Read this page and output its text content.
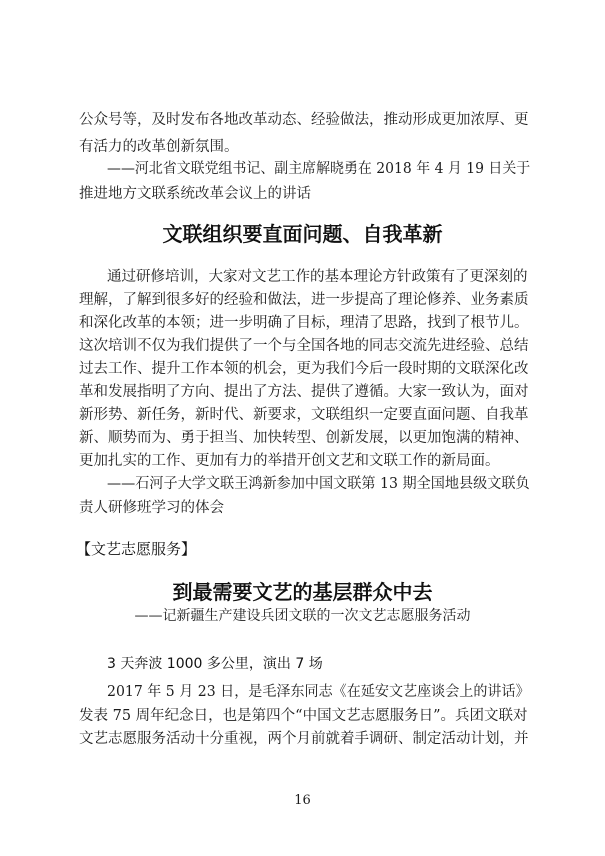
公众号等，及时发布各地改革动态、经验做法，推动形成更加浓厚、更
有活力的改革创新氛围。
——河北省文联党组书记、副主席解晓勇在 2018 年 4 月 19 日关于
推进地方文联系统改革会议上的讲话
文联组织要直面问题、自我革新
通过研修培训，大家对文艺工作的基本理论方针政策有了更深刻的
理解，了解到很多好的经验和做法，进一步提高了理论修养、业务素质
和深化改革的本领；进一步明确了目标，理清了思路，找到了根节儿。
这次培训不仅为我们提供了一个与全国各地的同志交流先进经验、总结
过去工作、提升工作本领的机会，更为我们今后一段时期的文联深化改
革和发展指明了方向、提出了方法、提供了遵循。大家一致认为，面对
新形势、新任务，新时代、新要求，文联组织一定要直面问题、自我革
新、顺势而为、勇于担当、加快转型、创新发展，以更加饱满的精神、
更加扎实的工作、更加有力的举措开创文艺和文联工作的新局面。
——石河子大学文联王鸿新参加中国文联第 13 期全国地县级文联负
责人研修班学习的体会
【文艺志愿服务】
到最需要文艺的基层群众中去
——记新疆生产建设兵团文联的一次文艺志愿服务活动
3 天奔波 1000 多公里，演出 7 场
2017 年 5 月 23 日，是毛泽东同志《在延安文艺座谈会上的讲话》
发表 75 周年纪念日，也是第四个“中国文艺志愿服务日”。兵团文联对
文艺志愿服务活动十分重视，两个月前就着手调研、制定活动计划，并
16
